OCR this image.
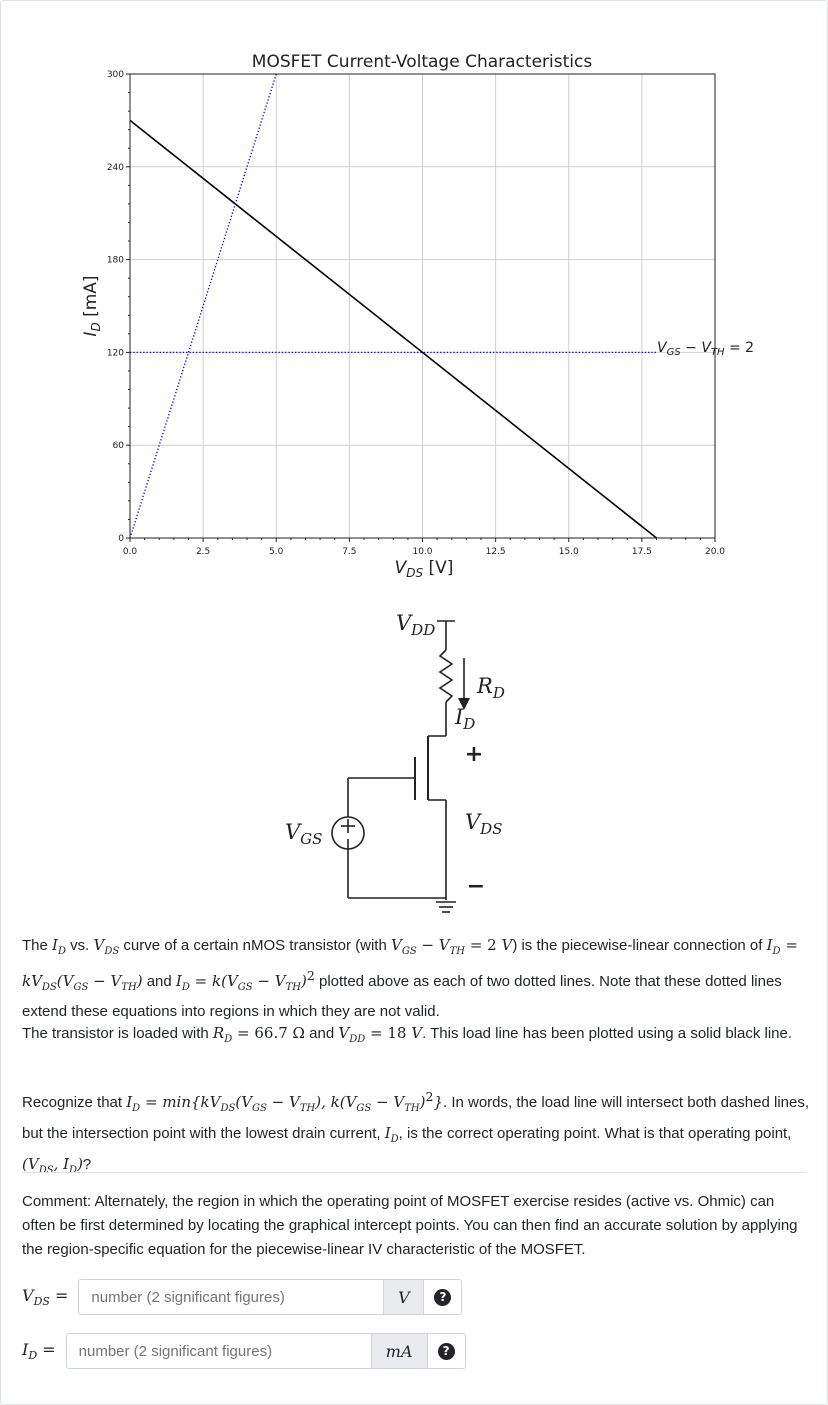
MOSFET Current-Voltage Characteristics
0.0	2.5	5.0	7.5	10.0	12.5	15.0	17.5	20.0
0
60
120
180
240
300
$V_{DS}$ [V]
$I_D$ [mA]
$V_{GS} - V_{TH} = 2$
$V_{DD}$
$R_D$
$I_D$
$V_{GS}$
$V_{DS}$
+
−
The $I_D$ vs. $V_{DS}$ curve of a certain nMOS transistor (with $V_{GS} - V_{TH} = 2$ V) is the piecewise-linear connection of $I_D = kV_{DS}(V_{GS} - V_{TH})$ and $I_D = k(V_{GS} - V_{TH})^2$ plotted above as each of two dotted lines. Note that these dotted lines extend these equations into regions in which they are not valid.
The transistor is loaded with $R_D = 66.7$ Ω and $V_{DD} = 18$ V. This load line has been plotted using a solid black line.
Recognize that $I_D = \min\{kV_{DS}(V_{GS} - V_{TH})$, $k(V_{GS} - V_{TH})^2$}. In words, the load line will intersect both dashed lines, but the intersection point with the lowest drain current, $I_D$, is the correct operating point. What is that operating point, ($V_{DS}$, $I_D$)?
Comment: Alternately, the region in which the operating point of MOSFET exercise resides (active vs. Ohmic) can often be first determined by locating the graphical intercept points. You can then find an accurate solution by applying the region-specific equation for the piecewise-linear IV characteristic of the MOSFET.
$V_{DS}$ =
number (2 significant figures)	V	?
$I_D$ =
number (2 significant figures)	mA	?
